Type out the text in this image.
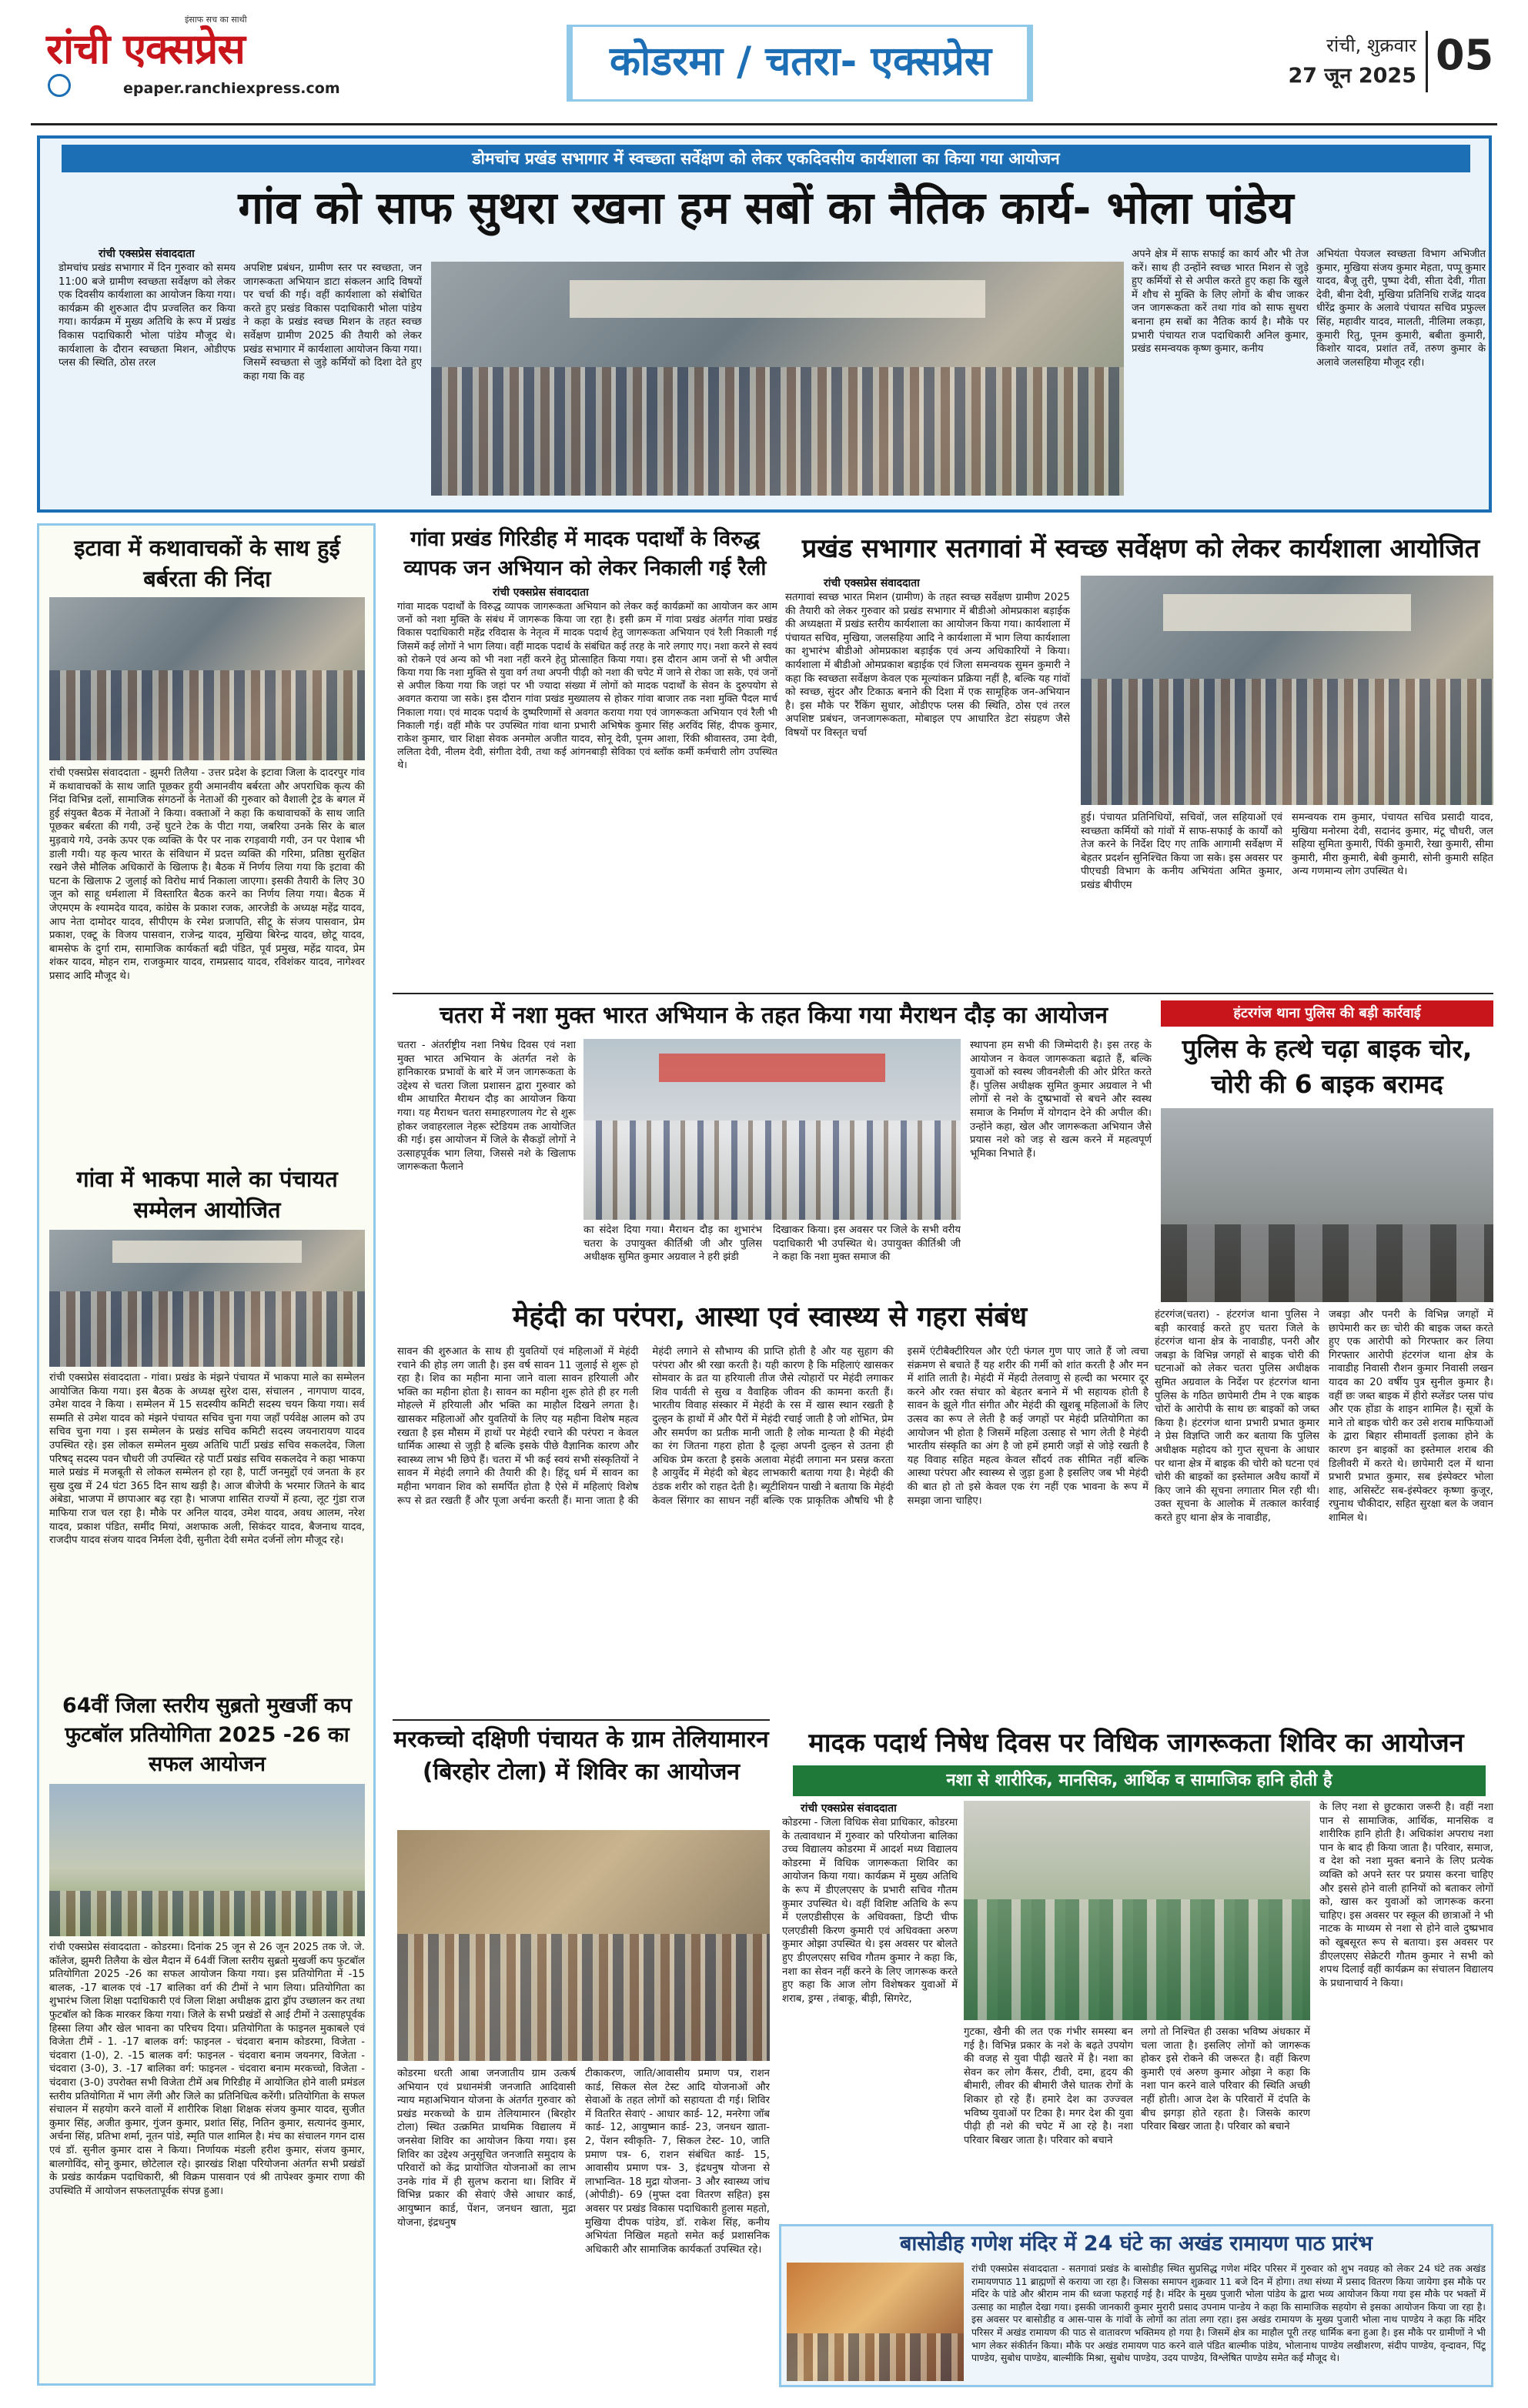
रांची एक्सप्रेस
इंसाफ सच का साथी
epaper.ranchiexpress.com
कोडरमा / चतरा- एक्सप्रेस	रांची, शुक्रवार
27 जून 2025 05
डोमचांच प्रखंड सभागार में स्वच्छता सर्वेक्षण को लेकर एकदिवसीय कार्यशाला का किया गया आयोजन
गांव को साफ सुथरा रखना हम सबों का नैतिक कार्य- भोला पांडेय
रांची एक्सप्रेस संवाददाता
डोमचांच प्रखंड सभागार में दिन गुरुवार को समय 11:00 बजे ग्रामीण स्वच्छता सर्वेक्षण को लेकर एक दिवसीय कार्यशाला का आयोजन किया गया। कार्यक्रम की शुरुआत दीप प्रज्वलित कर किया गया। कार्यक्रम में मुख्य अतिथि के रूप में प्रखंड विकास पदाधिकारी भोला पांडेय मौजूद थे। कार्यशाला के दौरान स्वच्छता मिशन, ओडीएफ प्लस की स्थिति, ठोस तरल
अपशिष्ट प्रबंधन, ग्रामीण स्तर पर स्वच्छता, जन जागरूकता अभियान डाटा संकलन आदि विषयों पर चर्चा की गई। वहीं कार्यशाला को संबोधित करते हुए प्रखंड विकास पदाधिकारी भोला पांडेय ने कहा के प्रखंड स्वच्छ मिशन के तहत स्वच्छ सर्वेक्षण ग्रामीण 2025 की तैयारी को लेकर प्रखंड सभागार में कार्यशाला आयोजन किया गया। जिसमें स्वच्छता से जुड़े कर्मियों को दिशा देते हुए कहा गया कि वह
अपने क्षेत्र में साफ सफाई का कार्य और भी तेज करें। साथ ही उन्होंने स्वच्छ भारत मिशन से जुड़े हुए कर्मियों से से अपील करते हुए कहा कि खुले में शौच से मुक्ति के लिए लोगों के बीच जाकर जन जागरूकता करें तथा गांव को साफ सुथरा बनाना हम सबों का नैतिक कार्य है। मौके पर प्रभारी पंचायत राज पदाधिकारी अनिल कुमार, प्रखंड समन्वयक कृष्ण कुमार, कनीय
अभियंता पेयजल स्वच्छता विभाग अभिजीत कुमार, मुखिया संजय कुमार मेहता, पप्पू कुमार यादव, बैजू तुरी, पुष्पा देवी, सीता देवी, गीता देवी, बीना देवी, मुखिया प्रतिनिधि राजेंद्र यादव धीरेंद्र कुमार के अलावे पंचायत सचिव प्रफुल्ल सिंह, महावीर यादव, मालती, नीलिमा लकड़ा, कुमारी रितु, पूनम कुमारी, बबीता कुमारी, किशोर यादव, प्रशांत तर्वे, तरुण कुमार के अलावे जलसहिया मौजूद रही।
इटावा में कथावाचकों के साथ हुई बर्बरता की निंदा
रांची एक्सप्रेस संवाददाता - झुमरी तिलैया - उत्तर प्रदेश के इटावा जिला के दादरपुर गांव में कथावाचकों के साथ जाति पूछकर हुयी अमानवीय बर्बरता और अपराधिक कृत्य की निंदा विभिन्न दलों, सामाजिक संगठनों के नेताओं की गुरुवार को वैशाली ट्रेड के बगल में हुई संयुक्त बैठक में नेताओं ने किया। वक्ताओं ने कहा कि कथावाचकों के साथ जाति पूछकर बर्बरता की गयी, उन्हें घुटने टेक के पीटा गया, जबरिया उनके सिर के बाल मुड़वाये गये, उनके ऊपर एक व्यक्ति के पैर पर नाक रगड़वायी गयी, उन पर पेशाब भी डाली गयी। यह कृत्य भारत के संविधान में प्रदत्त व्यक्ति की गरिमा, प्रतिष्ठा सुरक्षित रखने जैसे मौलिक अधिकारों के खिलाफ है। बैठक में निर्णय लिया गया कि इटावा की घटना के खिलाफ 2 जुलाई को विरोध मार्च निकाला जाएगा। इसकी तैयारी के लिए 30 जून को साहू धर्मशाला में विस्तारित बैठक करने का निर्णय लिया गया। बैठक में जेएमएम के श्यामदेव यादव, कांग्रेस के प्रकाश रजक, आरजेडी के अध्यक्ष महेंद्र यादव, आप नेता दामोदर यादव, सीपीएम के रमेश प्रजापति, सीटू के संजय पासवान, प्रेम प्रकाश, एक्टू के विजय पासवान, राजेन्द्र यादव, मुखिया बिरेन्द्र यादव, छोटू यादव, बामसेफ के दुर्गा राम, सामाजिक कार्यकर्ता बद्री पंडित, पूर्व प्रमुख, महेंद्र यादव, प्रेम शंकर यादव, मोहन राम, राजकुमार यादव, रामप्रसाद यादव, रविशंकर यादव, नागेश्वर प्रसाद आदि मौजूद थे।
गांवा में भाकपा माले का पंचायत सम्मेलन आयोजित
रांची एक्सप्रेस संवाददाता - गांवा। प्रखंड के मंझने पंचायत में भाकपा माले का सम्मेलन आयोजित किया गया। इस बैठक के अध्यक्ष सुरेश दास, संचालन , नागपाण यादव, उमेश यादव ने किया । सम्मेलन में 15 सदस्यीय कमिटी सदस्य चयन किया गया। सर्व सम्मति से उमेश यादव को मंझने पंचायत सचिव चुना गया जहाँ पर्यवेक्ष आलम को उप सचिव चुना गया । इस सम्मेलन के प्रखंड सचिव कमिटी सदस्य जयनारायण यादव उपस्थित रहे। इस लोकल सम्मेलन मुख्य अतिथि पार्टी प्रखंड सचिव सकलदेव, जिला परिषद् सदस्य पवन चौधरी जी उपस्थित रहे पार्टी प्रखंड सचिव सकलदेव ने कहा भाकपा माले प्रखंड में मजबूती से लोकल सम्मेलन हो रहा है, पार्टी जनमुद्दों एवं जनता के हर सुख दुख में 24 घंटा 365 दिन साथ खड़ी है। आज बीजेपी के भरमार जितने के बाद अंबेडा, भाजपा में छापाआर बढ़ रहा है। भाजपा शासित राज्यों में हत्या, लूट गुंडा राज माफिया राज चल रहा है। मौके पर अनिल यादव, उमेश यादव, अवध आलम, नरेश यादव, प्रकाश पंडित, समींद मियां, अशफाक अली, सिकंदर यादव, बैजनाथ यादव, राजदीप यादव संजय यादव निर्मला देवी, सुनीता देवी समेत दर्जनों लोग मौजूद रहे।
64वीं जिला स्तरीय सुब्रतो मुखर्जी कप फुटबॉल प्रतियोगिता 2025 -26 का सफल आयोजन
रांची एक्सप्रेस संवाददाता - कोडरमा। दिनांक 25 जून से 26 जून 2025 तक जे. जे. कॉलेज, झुमरी तिलैया के खेल मैदान में 64वीं जिला स्तरीय सुब्रतो मुखर्जी कप फुटबॉल प्रतियोगिता 2025 -26 का सफल आयोजन किया गया। इस प्रतियोगिता में -15 बालक, -17 बालक एवं -17 बालिका वर्ग की टीमों ने भाग लिया। प्रतियोगिता का शुभारंभ जिला शिक्षा पदाधिकारी एवं जिला शिक्षा अधीक्षक द्वारा ड्रॉप उच्छालन कर तथा फुटबॉल को किक मारकर किया गया। जिले के सभी प्रखंडों से आई टीमों ने उत्साहपूर्वक हिस्सा लिया और खेल भावना का परिचय दिया। प्रतियोगिता के फाइनल मुकाबले एवं विजेता टीमें - 1. -17 बालक वर्ग: फाइनल - चंदवारा बनाम कोडरमा, विजेता - चंदवारा (1-0), 2. -15 बालक वर्ग: फाइनल - चंदवारा बनाम जयनगर, विजेता - चंदवारा (3-0), 3. -17 बालिका वर्ग: फाइनल - चंदवारा बनाम मरकच्चो, विजेता - चंदवारा (3-0) उपरोक्त सभी विजेता टीमें अब गिरिडीह में आयोजित होने वाली प्रमंडल स्तरीय प्रतियोगिता में भाग लेंगी और जिले का प्रतिनिधित्व करेंगी। प्रतियोगिता के सफल संचालन में सहयोग करने वालों में शारीरिक शिक्षा शिक्षक संजय कुमार यादव, सुजीत कुमार सिंह, अजीत कुमार, गुंजन कुमार, प्रशांत सिंह, नितिन कुमार, सत्यानंद कुमार, अर्चना सिंह, प्रतिभा शर्मा, नूतन पांडे, स्मृति पाल शामिल है। मंच का संचालन गगन दास एवं डॉ. सुनील कुमार दास ने किया। निर्णायक मंडली हरीश कुमार, संजय कुमार, बालगोविंद, सोनू कुमार, छोटेलाल रहे। झारखंड शिक्षा परियोजना अंतर्गत सभी प्रखंडों के प्रखंड कार्यक्रम पदाधिकारी, श्री विक्रम पासवान एवं श्री तापेश्वर कुमार राणा की उपस्थिति में आयोजन सफलतापूर्वक संपन्न हुआ।
गांवा प्रखंड गिरिडीह में मादक पदार्थों के विरुद्ध व्यापक जन अभियान को लेकर निकाली गई रैली
रांची एक्सप्रेस संवाददाता
गांवा मादक पदार्थों के विरुद्ध व्यापक जागरूकता अभियान को लेकर कई कार्यक्रमों का आयोजन कर आम जनों को नशा मुक्ति के संबंध में जागरूक किया जा रहा है। इसी क्रम में गांवा प्रखंड अंतर्गत गांवा प्रखंड विकास पदाधिकारी महेंद्र रविदास के नेतृत्व में मादक पदार्थ हेतु जागरूकता अभियान एवं रैली निकाली गई जिसमें कई लोगों ने भाग लिया। वहीं मादक पदार्थ के संबंधित कई तरह के नारे लगाए गए। नशा करने से स्वयं को रोकने एवं अन्य को भी नशा नहीं करने हेतु प्रोत्साहित किया गया। इस दौरान आम जनों से भी अपील किया गया कि नशा मुक्ति से युवा वर्ग तथा अपनी पीढ़ी को नशा की चपेट में जाने से रोका जा सके, एवं जनों से अपील किया गया कि जहां पर भी ज्यादा संख्या में लोगों को मादक पदार्थों के सेवन के दुरुपयोग से अवगत कराया जा सके। इस दौरान गांवा प्रखंड मुख्यालय से होकर गांवा बाजार तक नशा मुक्ति पैदल मार्च निकाला गया। एवं मादक पदार्थ के दुष्परिणामों से अवगत कराया गया एवं जागरूकता अभियान एवं रैली भी निकाली गई। वहीं मौके पर उपस्थित गांवा थाना प्रभारी अभिषेक कुमार सिंह अरविंद सिंह, दीपक कुमार, राकेश कुमार, चार शिक्षा सेवक अनमोल अजीत यादव, सोनू देवी, पूनम आशा, रिंकी श्रीवास्तव, उमा देवी, ललिता देवी, नीलम देवी, संगीता देवी, तथा कई आंगनबाड़ी सेविका एवं ब्लॉक कर्मी कर्मचारी लोग उपस्थित थे।
प्रखंड सभागार सतगावां में स्वच्छ सर्वेक्षण को लेकर कार्यशाला आयोजित
रांची एक्सप्रेस संवाददाता
सतगावां स्वच्छ भारत मिशन (ग्रामीण) के तहत स्वच्छ सर्वेक्षण ग्रामीण 2025 की तैयारी को लेकर गुरुवार को प्रखंड सभागार में बीडीओ ओमप्रकाश बड़ाईक की अध्यक्षता में प्रखंड स्तरीय कार्यशाला का आयोजन किया गया। कार्यशाला में पंचायत सचिव, मुखिया, जलसहिया आदि ने कार्यशाला में भाग लिया कार्यशाला का शुभारंभ बीडीओ ओमप्रकाश बड़ाईक एवं अन्य अधिकारियों ने किया। कार्यशाला में बीडीओ ओमप्रकाश बड़ाईक एवं जिला समन्वयक सुमन कुमारी ने कहा कि स्वच्छता सर्वेक्षण केवल एक मूल्यांकन प्रक्रिया नहीं है, बल्कि यह गांवों को स्वच्छ, सुंदर और टिकाऊ बनाने की दिशा में एक सामूहिक जन-अभियान है। इस मौके पर रैंकिंग सुधार, ओडीएफ प्लस की स्थिति, ठोस एवं तरल अपशिष्ट प्रबंधन, जनजागरूकता, मोबाइल एप आधारित डेटा संग्रहण जैसे विषयों पर विस्तृत चर्चा
हुई। पंचायत प्रतिनिधियों, सचिवों, जल सहियाओं एवं स्वच्छता कर्मियों को गांवों में साफ-सफाई के कार्यों को तेज करने के निर्देश दिए गए ताकि आगामी सर्वेक्षण में बेहतर प्रदर्शन सुनिश्चित किया जा सके। इस अवसर पर पीएचडी विभाग के कनीय अभियंता अमित कुमार, प्रखंड बीपीएम
समन्वयक राम कुमार, पंचायत सचिव प्रसादी यादव, मुखिया मनोरमा देवी, सदानंद कुमार, मंटू चौधरी, जल सहिया सुमिता कुमारी, पिंकी कुमारी, रेखा कुमारी, सीमा कुमारी, मीरा कुमारी, बेबी कुमारी, सोनी कुमारी सहित अन्य गणमान्य लोग उपस्थित थे।
चतरा में नशा मुक्त भारत अभियान के तहत किया गया मैराथन दौड़ का आयोजन
चतरा - अंतर्राष्ट्रीय नशा निषेध दिवस एवं नशा मुक्त भारत अभियान के अंतर्गत नशे के हानिकारक प्रभावों के बारे में जन जागरूकता के उद्देश्य से चतरा जिला प्रशासन द्वारा गुरुवार को थीम आधारित मैराथन दौड़ का आयोजन किया गया। यह मैराथन चतरा समाहरणालय गेट से शुरू होकर जवाहरलाल नेहरू स्टेडियम तक आयोजित की गई। इस आयोजन में जिले के सैकड़ों लोगों ने उत्साहपूर्वक भाग लिया, जिससे नशे के खिलाफ जागरूकता फैलाने
का संदेश दिया गया। मैराथन दौड़ का शुभारंभ चतरा के उपायुक्त कीर्तिश्री जी और पुलिस अधीक्षक सुमित कुमार अग्रवाल ने हरी झंडी
दिखाकर किया। इस अवसर पर जिले के सभी वरीय पदाधिकारी भी उपस्थित थे। उपायुक्त कीर्तिश्री जी ने कहा कि नशा मुक्त समाज की
स्थापना हम सभी की जिम्मेदारी है। इस तरह के आयोजन न केवल जागरूकता बढ़ाते हैं, बल्कि युवाओं को स्वस्थ जीवनशैली की ओर प्रेरित करते हैं। पुलिस अधीक्षक सुमित कुमार अग्रवाल ने भी लोगों से नशे के दुष्प्रभावों से बचने और स्वस्थ समाज के निर्माण में योगदान देने की अपील की। उन्होंने कहा, खेल और जागरूकता अभियान जैसे प्रयास नशे को जड़ से खत्म करने में महत्वपूर्ण भूमिका निभाते हैं।
हंटरगंज थाना पुलिस की बड़ी कार्रवाई
पुलिस के हत्थे चढ़ा बाइक चोर, चोरी की 6 बाइक बरामद
हंटरगंज(चतरा) - हंटरगंज थाना पुलिस ने बड़ी कारवाई करते हुए चतरा जिले के हंटरगंज थाना क्षेत्र के नावाडीह, पनरी और जबड़ा के विभिन्न जगहों से बाइक चोरी की घटनाओं को लेकर चतरा पुलिस अधीक्षक सुमित अग्रवाल के निर्देश पर हंटरगंज थाना पुलिस के गठित छापेमारी टीम ने एक बाइक चोरों के आरोपी के साथ छः बाइकों को जब्त किया है। हंटरगंज थाना प्रभारी प्रभात कुमार ने प्रेस विज्ञप्ति जारी कर बताया कि पुलिस अधीक्षक महोदय को गुप्त सूचना के आधार पर थाना क्षेत्र में बाइक की चोरी को घटना एवं चोरी की बाइकों का इस्तेमाल अवैध कार्यों में किए जाने की सूचना लगातार मिल रही थी। उक्त सूचना के आलोक में तत्काल कार्रवाई करते हुए थाना क्षेत्र के नावाडीह,
जबड़ा और पनरी के विभिन्न जगहों में छापेमारी कर छः चोरी की बाइक जब्त करते हुए एक आरोपी को गिरफ्तार कर लिया गिरफ्तार आरोपी हंटरगंज थाना क्षेत्र के नावाडीह निवासी रौशन कुमार निवासी लखन यादव का 20 वर्षीय पुत्र सुनील कुमार है। वहीं छः जब्त बाइक में हीरो स्प्लेंडर प्लस पांच और एक होंडा के शाइन शामिल है। सूत्रों के माने तो बाइक चोरी कर उसे शराब माफियाओं के द्वारा बिहार सीमावर्ती इलाका होने के कारण इन बाइकों का इस्तेमाल शराब की डिलीवरी में करते थे। छापेमारी दल में थाना प्रभारी प्रभात कुमार, सब इंस्पेक्टर भोला शाह, असिस्टेंट सब-इंस्पेक्टर कृष्णा कुजूर, रघुनाथ चौकीदार, सहित सुरक्षा बल के जवान शामिल थे।
मेहंदी का परंपरा, आस्था एवं स्वास्थ्य से गहरा संबंध
सावन की शुरुआत के साथ ही युवतियों एवं महिलाओं में मेहंदी रचाने की होड़ लग जाती है। इस वर्ष सावन 11 जुलाई से शुरू हो रहा है। शिव का महीना माना जाने वाला सावन हरियाली और भक्ति का महीना होता है। सावन का महीना शुरू होते ही हर गली मोहल्ले में हरियाली और भक्ति का माहौल दिखने लगता है। खासकर महिलाओं और युवतियों के लिए यह महीना विशेष महत्व रखता है इस मौसम में हाथों पर मेहंदी रचाने की परंपरा न केवल धार्मिक आस्था से जुड़ी है बल्कि इसके पीछे वैज्ञानिक कारण और स्वास्थ्य लाभ भी छिपे हैं। चतरा में भी कई स्वयं सभी संस्कृतियों ने सावन में मेहंदी लगाने की तैयारी की है। हिंदू धर्म में सावन का महीना भगवान शिव को समर्पित होता है ऐसे में महिलाएं विशेष रूप से व्रत रखती हैं और पूजा अर्चना करती हैं। माना जाता है की मेहंदी लगाने से सौभाग्य की प्राप्ति होती है और यह सुहाग की परंपरा और श्री रखा करती है। यही कारण है कि महिलाएं खासकर सोमवार के व्रत या हरियाली तीज जैसे त्योहारों पर मेहंदी लगाकर शिव पार्वती से सुख व वैवाहिक जीवन की कामना करती हैं। भारतीय विवाह संस्कार में मेहंदी के रस में खास स्थान रखती है दुल्हन के हाथों में और पैरों में मेहंदी रचाई जाती है जो शोभित, प्रेम और समर्पण का प्रतीक मानी जाती है लोक मान्यता है की मेहंदी का रंग जितना गहरा होता है दूल्हा अपनी दुल्हन से उतना ही अधिक प्रेम करता है इसके अलावा मेहंदी लगाना मन प्रसन्न करता है आयुर्वेद में मेहंदी को बेहद लाभकारी बताया गया है। मेहंदी की ठंडक शरीर को राहत देती है। ब्यूटीशियन पाखी ने बताया कि मेहंदी केवल सिंगार का साधन नहीं बल्कि एक प्राकृतिक औषधि भी है इसमें एंटीबैक्टीरियल और एंटी फंगल गुण पाए जाते हैं जो त्वचा संक्रमण से बचाते हैं यह शरीर की गर्मी को शांत करती है और मन में शांति लाती है। मेहंदी में मेंहदी तेलवाणु से हल्दी का भरमार दूर करने और रक्त संचार को बेहतर बनाने में भी सहायक होती है सावन के झूले गीत संगीत और मेहंदी की खुशबू महिलाओं के लिए उत्सव का रूप ले लेती है कई जगहों पर मेहंदी प्रतियोगिता का आयोजन भी होता है जिसमें महिला उत्साह से भाग लेती है मेहंदी भारतीय संस्कृति का अंग है जो हमें हमारी जड़ों से जोड़े रखती है यह विवाह सहित महत्व केवल सौंदर्य तक सीमित नहीं बल्कि आस्था परंपरा और स्वास्थ्य से जुड़ा हुआ है इसलिए जब भी मेहंदी की बात हो तो इसे केवल एक रंग नहीं एक भावना के रूप में समझा जाना चाहिए।
मरकच्चो दक्षिणी पंचायत के ग्राम तेलियामारन (बिरहोर टोला) में शिविर का आयोजन
कोडरमा धरती आबा जनजातीय ग्राम उत्कर्ष अभियान एवं प्रधानमंत्री जनजाति आदिवासी न्याय महाअभियान योजना के अंतर्गत गुरुवार को प्रखंड मरकच्चो के ग्राम तेलियामारन (बिरहोर टोला) स्थित उत्क्रमित प्राथमिक विद्यालय में जनसेवा शिविर का आयोजन किया गया। इस शिविर का उद्देश्य अनुसूचित जनजाति समुदाय के परिवारों को केंद्र प्रायोजित योजनाओं का लाभ उनके गांव में ही सुलभ कराना था। शिविर में विभिन्न प्रकार की सेवाएं जैसे आधार कार्ड, आयुष्मान कार्ड, पेंशन, जनधन खाता, मुद्रा योजना, इंद्रधनुष
टीकाकरण, जाति/आवासीय प्रमाण पत्र, राशन कार्ड, सिकल सेल टेस्ट आदि योजनाओं और सेवाओं के तहत लोगों को सहायता दी गई। शिविर में वितरित सेवाएं - आधार कार्ड- 12, मनरेगा जॉब कार्ड- 12, आयुष्मान कार्ड- 23, जनधन खाता- 2, पेंशन स्वीकृति- 7, सिकल टेस्ट- 10, जाति प्रमाण पत्र- 6, राशन संबंधित कार्ड- 15, आवासीय प्रमाण पत्र- 3, इंद्रधनुष योजना से लाभान्वित- 18 मुद्रा योजना- 3 और स्वास्थ्य जांच (ओपीडी)- 69 (मुफ्त दवा वितरण सहित) इस अवसर पर प्रखंड विकास पदाधिकारी हुलास महतो, मुखिया दीपक पांडेय, डॉ. राकेश सिंह, कनीय अभियंता निखिल महतो समेत कई प्रशासनिक अधिकारी और सामाजिक कार्यकर्ता उपस्थित रहे।
मादक पदार्थ निषेध दिवस पर विधिक जागरूकता शिविर का आयोजन
नशा से शारीरिक, मानसिक, आर्थिक व सामाजिक हानि होती है
रांची एक्सप्रेस संवाददाता
कोडरमा - जिला विधिक सेवा प्राधिकार, कोडरमा के तत्वावधान में गुरुवार को परियोजना बालिका उच्च विद्यालय कोडरमा में आदर्श मध्य विद्यालय कोडरमा में विधिक जागरूकता शिविर का आयोजन किया गया। कार्यक्रम में मुख्य अतिथि के रूप में डीएलएसए के प्रभारी सचिव गौतम कुमार उपस्थित थे। वहीं विशिष्ट अतिथि के रूप में एलएडीसीएस के अधिवक्ता, डिप्टी चीफ एलएडीसी किरण कुमारी एवं अधिवक्ता अरुण कुमार ओझा उपस्थित थे। इस अवसर पर बोलते हुए डीएलएसए सचिव गौतम कुमार ने कहा कि, नशा का सेवन नहीं करने के लिए जागरूक करते हुए कहा कि आज लोग विशेषकर युवाओं में शराब, ड्रग्स , तंबाकू, बीड़ी, सिगरेट,
गुटका, खैनी की लत एक गंभीर समस्या बन गई है। विभिन्न प्रकार के नशे के बढ़ते उपयोग की वजह से युवा पीढ़ी खतरे में है। नशा का सेवन कर लोग कैंसर, टीवी, दमा, हृदय की बीमारी, लीवर की बीमारी जैसे घातक रोगों के शिकार हो रहे हैं। हमारे देश का उज्ज्वल भविष्य युवाओं पर टिका है। मगर देश की युवा पीढ़ी ही नशे की चपेट में आ रहे है। नशा परिवार बिखर जाता है। परिवार को बचाने
लगो तो निश्चित ही उसका भविष्य अंधकार में चला जाता है। इसलिए लोगों को जागरूक होकर इसे रोकने की जरूरत है। वहीं किरण कुमारी एवं अरुण कुमार ओझा ने कहा कि नशा पान करने वाले परिवार की स्थिति अच्छी नहीं होती। आज देश के परिवारों में दंपति के बीच झगड़ा होते रहता है। जिसके कारण परिवार बिखर जाता है। परिवार को बचाने
के लिए नशा से छुटकारा जरूरी है। वहीं नशा पान से सामाजिक, आर्थिक, मानसिक व शारीरिक हानि होती है। अधिकांश अपराध नशा पान के बाद ही किया जाता है। परिवार, समाज, व देश को नशा मुक्त बनाने के लिए प्रत्येक व्यक्ति को अपने स्तर पर प्रयास करना चाहिए और इससे होने वाली हानियों को बताकर लोगों को, खास कर युवाओं को जागरूक करना चाहिए। इस अवसर पर स्कूल की छात्राओं ने भी नाटक के माध्यम से नशा से होने वाले दुष्प्रभाव को खूबसूरत रूप से बताया। इस अवसर पर डीएलएसए सेक्रेटरी गौतम कुमार ने सभी को शपथ दिलाई वहीं कार्यक्रम का संचालन विद्यालय के प्रधानाचार्य ने किया।
बासोडीह गणेश मंदिर में 24 घंटे का अखंड रामायण पाठ प्रारंभ
रांची एक्सप्रेस संवाददाता - सतगावां प्रखंड के बासोडीह स्थित सुप्रसिद्ध गणेश मंदिर परिसर में गुरुवार को शुभ नवग्रह को लेकर 24 घंटे तक अखंड रामायणपाठ 11 ब्राह्मणों से कराया जा रहा है। जिसका समापन शुक्रवार 11 बजे दिन में होगा। तथा संध्या में प्रसाद वितरण किया जायेगा इस मौके पर मंदिर के पांडे और श्रीराम नाम की ध्वजा फहराई गई है। मंदिर के मुख्य पुजारी भोला पांडेय के द्वारा भव्य आयोजन किया गया इस मौके पर भक्तों में उत्साह का माहौल देखा गया। इसकी जानकारी कुमार मुरारी प्रसाद उपनाम पान्डेय ने कहा कि सामाजिक सहयोग से इसका आयोजन किया जा रहा है। इस अवसर पर बासोडीह व आस-पास के गांवों के लोगों का तांता लगा रहा। इस अखंड रामायण के मुख्य पुजारी भोला नाथ पाण्डेय ने कहा कि मंदिर परिसर में अखंड रामायण की पाठ से वातावरण भक्तिमय हो गया है। जिसमें क्षेत्र का माहौल पूरी तरह धार्मिक बना हुआ है। इस मौके पर ग्रामीणों ने भी भाग लेकर संकीर्तन किया। मौके पर अखंड रामायण पाठ करने वाले पंडित बाल्मीक पांडेय, भोलानाथ पाण्डेय लखीशरण, संदीप पाण्डेय, वृन्दावन, पिंटू पाण्डेय, सुबोध पाण्डेय, बाल्मीकि मिश्रा, सुबोध पाण्डेय, उदय पाण्डेय, विश्लेषित पाण्डेय समेत कई मौजूद थे।
